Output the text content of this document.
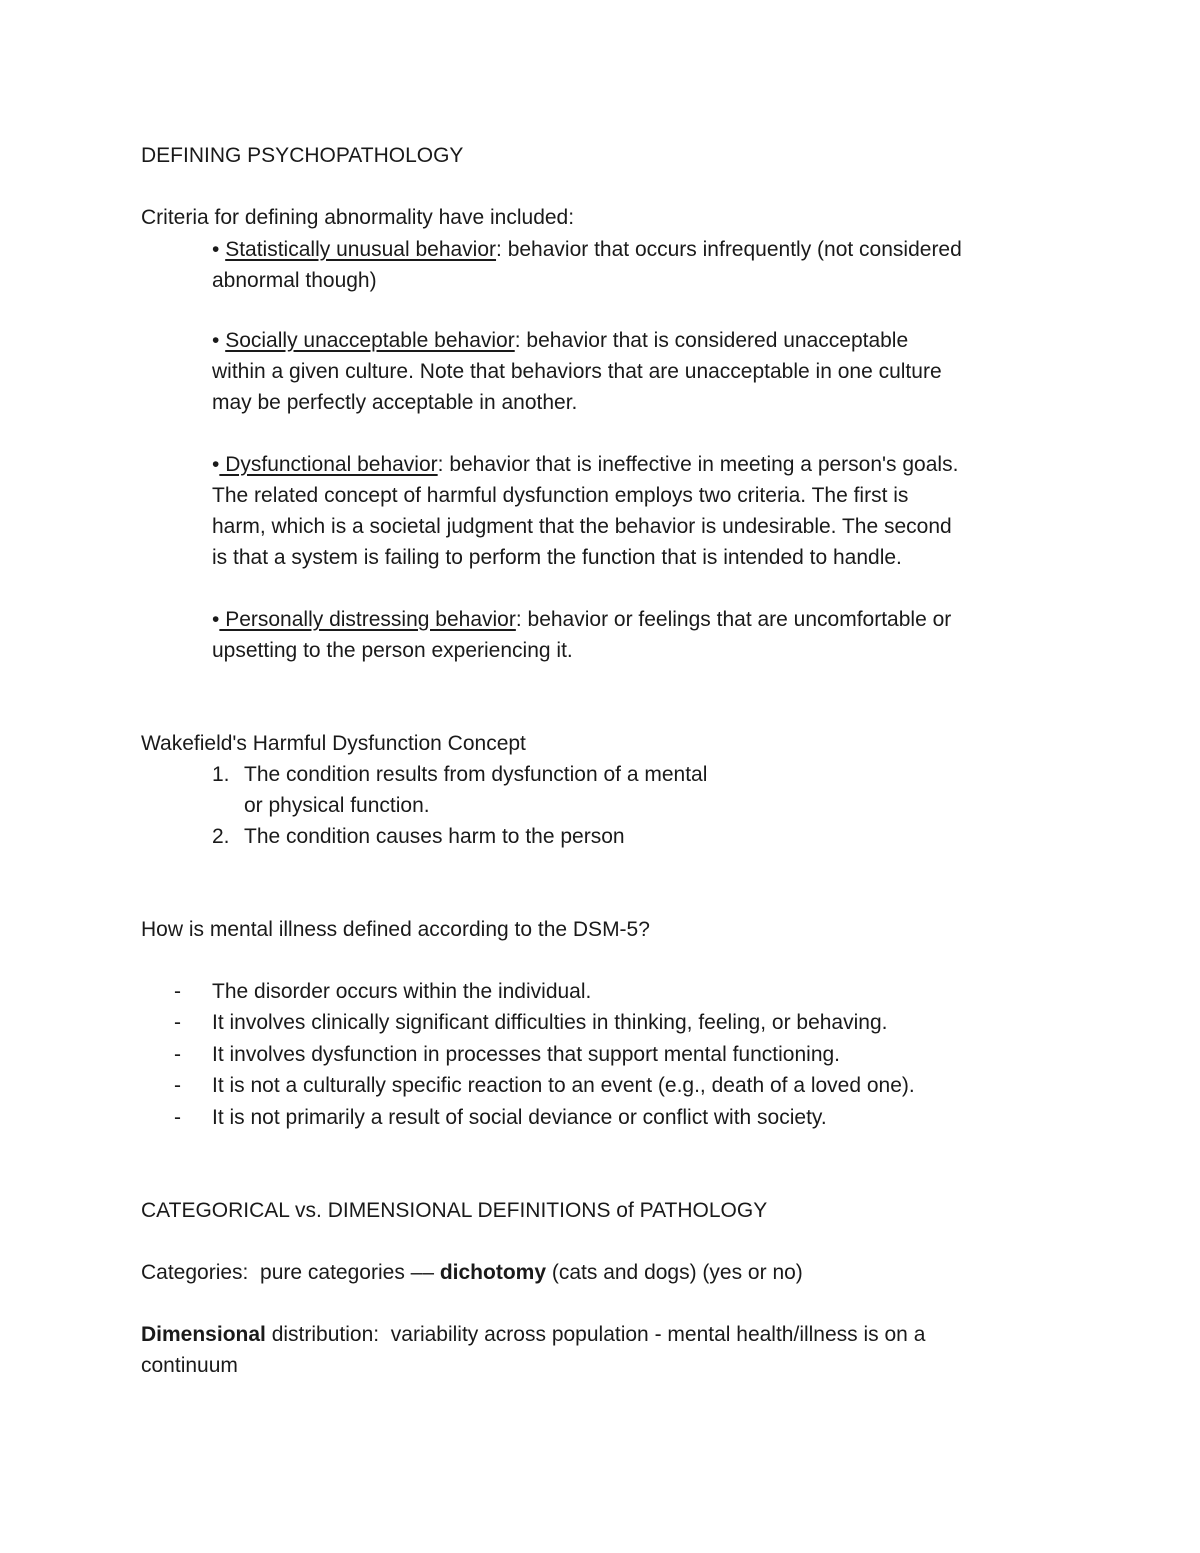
DEFINING PSYCHOPATHOLOGY
Criteria for defining abnormality have included:
• Statistically unusual behavior: behavior that occurs infrequently (not considered
abnormal though)
• Socially unacceptable behavior: behavior that is considered unacceptable
within a given culture. Note that behaviors that are unacceptable in one culture
may be perfectly acceptable in another.
• Dysfunctional behavior: behavior that is ineffective in meeting a person's goals.
The related concept of harmful dysfunction employs two criteria. The first is
harm, which is a societal judgment that the behavior is undesirable. The second
is that a system is failing to perform the function that is intended to handle.
• Personally distressing behavior: behavior or feelings that are uncomfortable or
upsetting to the person experiencing it.
Wakefield's Harmful Dysfunction Concept
1. The condition results from dysfunction of a mental
or physical function.
2. The condition causes harm to the person
How is mental illness defined according to the DSM-5?
- The disorder occurs within the individual.
- It involves clinically significant difficulties in thinking, feeling, or behaving.
- It involves dysfunction in processes that support mental functioning.
- It is not a culturally specific reaction to an event (e.g., death of a loved one).
- It is not primarily a result of social deviance or conflict with society.
CATEGORICAL vs. DIMENSIONAL DEFINITIONS of PATHOLOGY
Categories:  pure categories –– dichotomy (cats and dogs) (yes or no)
Dimensional distribution:  variability across population - mental health/illness is on a
continuum
